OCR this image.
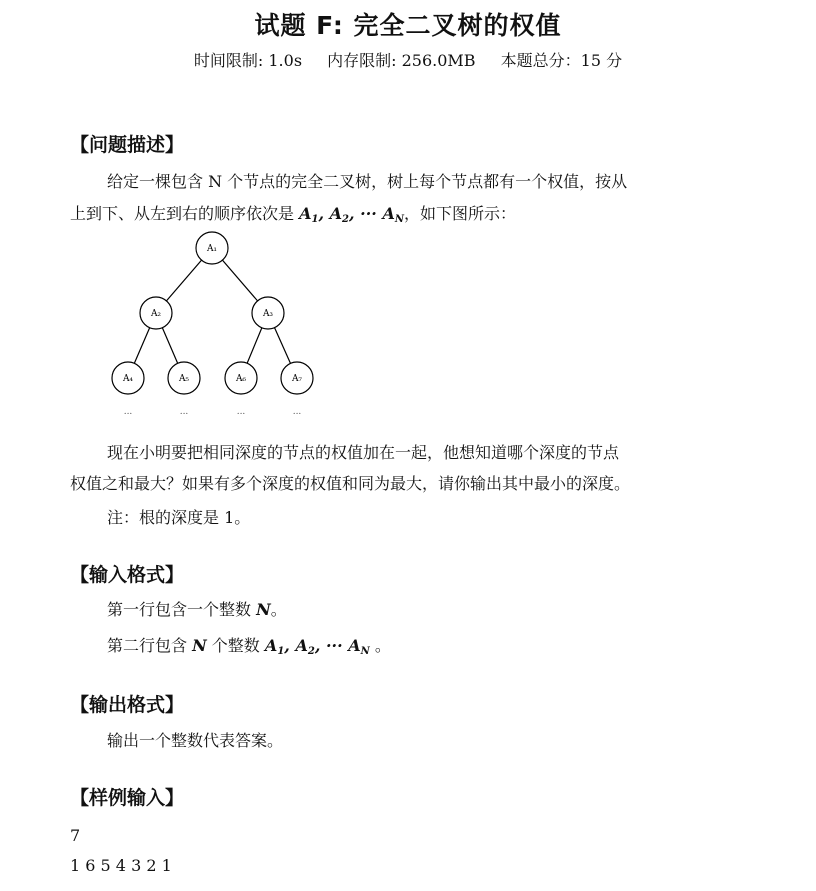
试题 F: 完全二叉树的权值
时间限制: 1.0s 内存限制: 256.0MB 本题总分：15 分
【问题描述】
给定一棵包含 N 个节点的完全二叉树，树上每个节点都有一个权值，按从
上到下、从左到右的顺序依次是 $A_1$, $A_2$, ··· $A_N$，如下图所示：
A₁
A₂	A₃
A₄	A₅	A₆	A₇
...	...	...	...
现在小明要把相同深度的节点的权值加在一起，他想知道哪个深度的节点
权值之和最大？如果有多个深度的权值和同为最大，请你输出其中最小的深度。
注：根的深度是 1。
【输入格式】
第一行包含一个整数 N。
第二行包含 N 个整数 $A_1$, $A_2$, ··· $A_N$ 。
【输出格式】
输出一个整数代表答案。
【样例输入】
7
1 6 5 4 3 2 1
